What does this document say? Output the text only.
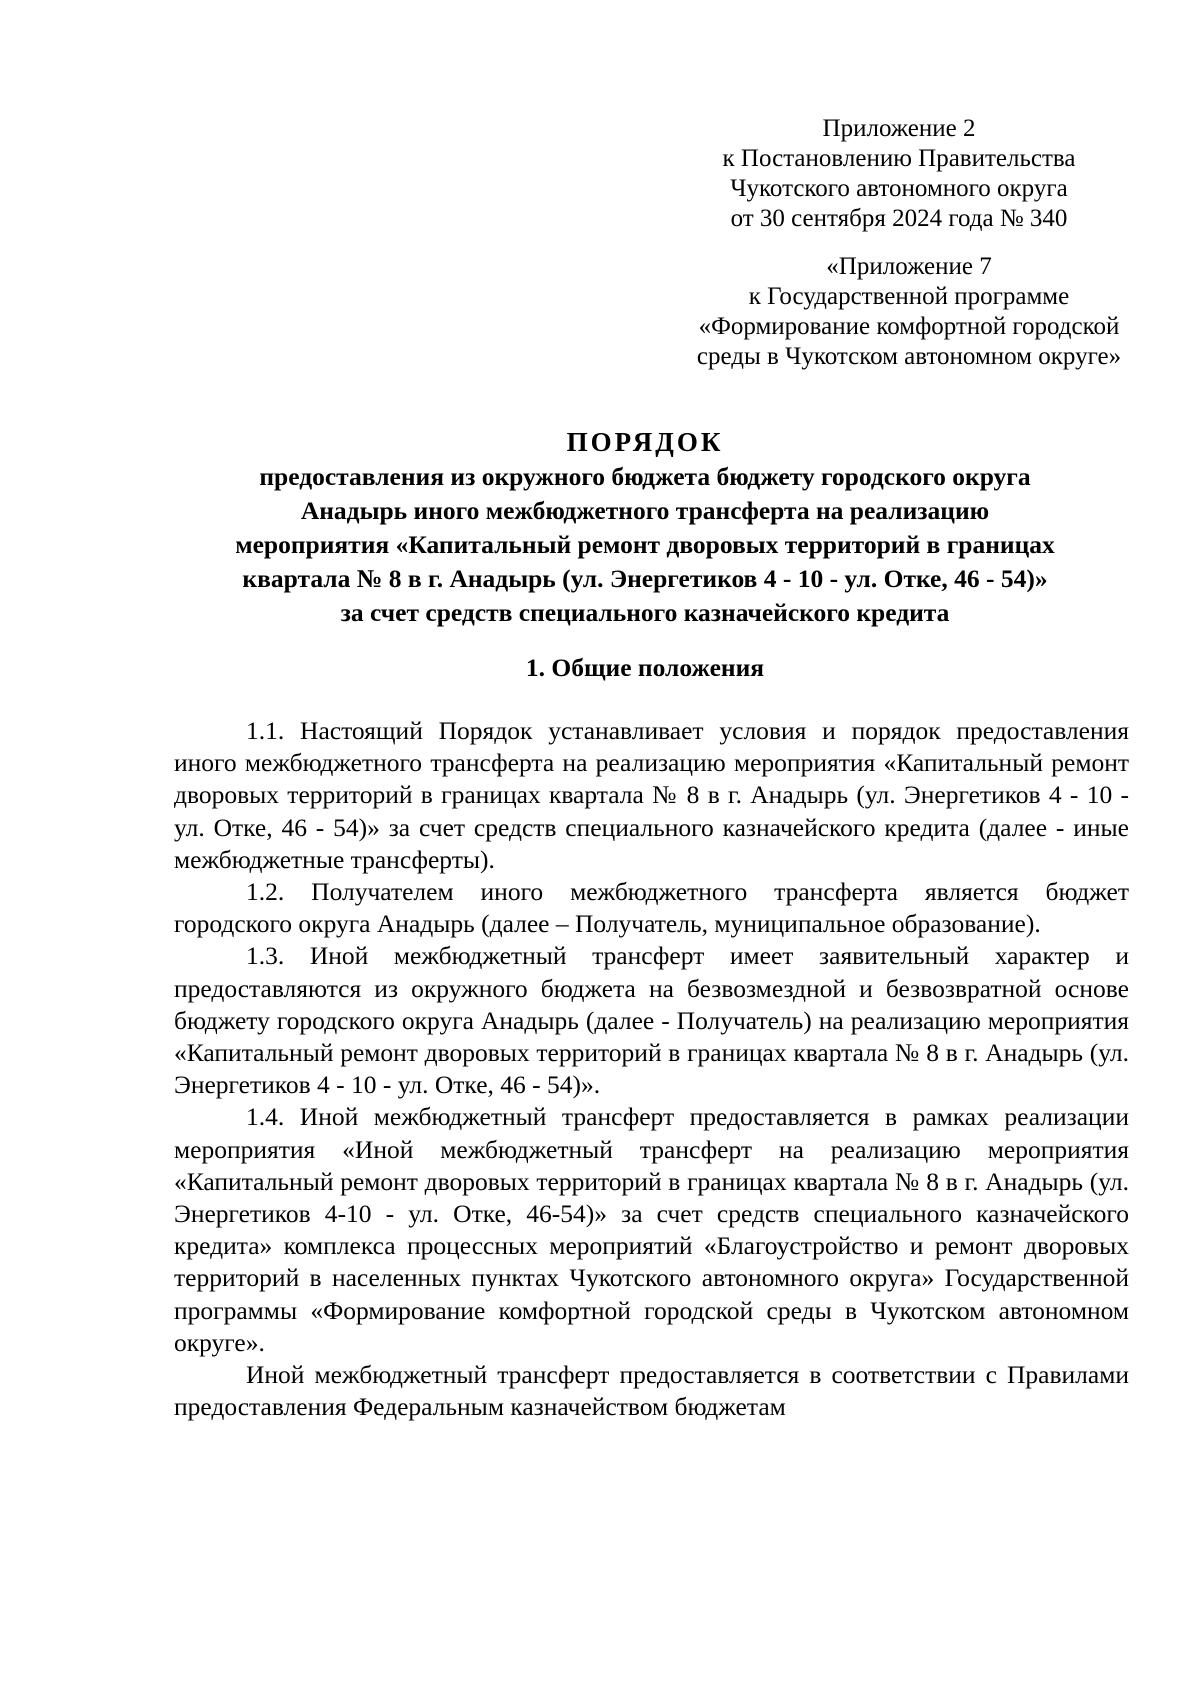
Приложение 2
к Постановлению Правительства
Чукотского автономного округа
от 30 сентября 2024 года № 340
«Приложение 7
к Государственной программе
«Формирование комфортной городской
среды в Чукотском автономном округе»
ПОРЯДОК
предоставления из окружного бюджета бюджету городского округа
Анадырь иного межбюджетного трансферта на реализацию
мероприятия «Капитальный ремонт дворовых территорий в границах
квартала № 8 в г. Анадырь (ул. Энергетиков 4 - 10 - ул. Отке, 46 - 54)»
за счет средств специального казначейского кредита
1. Общие положения

1.1. Настоящий Порядок устанавливает условия и порядок предоставления иного межбюджетного трансферта на реализацию мероприятия «Капитальный ремонт дворовых территорий в границах квартала № 8 в г. Анадырь (ул. Энергетиков 4 - 10 - ул. Отке, 46 - 54)» за счет средств специального казначейского кредита (далее - иные межбюджетные трансферты).

1.2. Получателем иного межбюджетного трансферта является бюджет городского округа Анадырь (далее – Получатель, муниципальное образование).

1.3. Иной межбюджетный трансферт имеет заявительный характер и предоставляются из окружного бюджета на безвозмездной и безвозвратной основе бюджету городского округа Анадырь (далее - Получатель) на реализацию мероприятия «Капитальный ремонт дворовых территорий в границах квартала № 8 в г. Анадырь (ул. Энергетиков 4 - 10 - ул. Отке, 46 - 54)».

1.4. Иной межбюджетный трансферт предоставляется в рамках реализации мероприятия «Иной межбюджетный трансферт на реализацию мероприятия «Капитальный ремонт дворовых территорий в границах квартала № 8 в г. Анадырь (ул. Энергетиков 4-10 - ул. Отке, 46-54)» за счет средств специального казначейского кредита» комплекса процессных мероприятий «Благоустройство и ремонт дворовых территорий в населенных пунктах Чукотского автономного округа» Государственной программы «Формирование комфортной городской среды в Чукотском автономном округе».

Иной межбюджетный трансферт предоставляется в соответствии с Правилами предоставления Федеральным казначейством бюджетам
